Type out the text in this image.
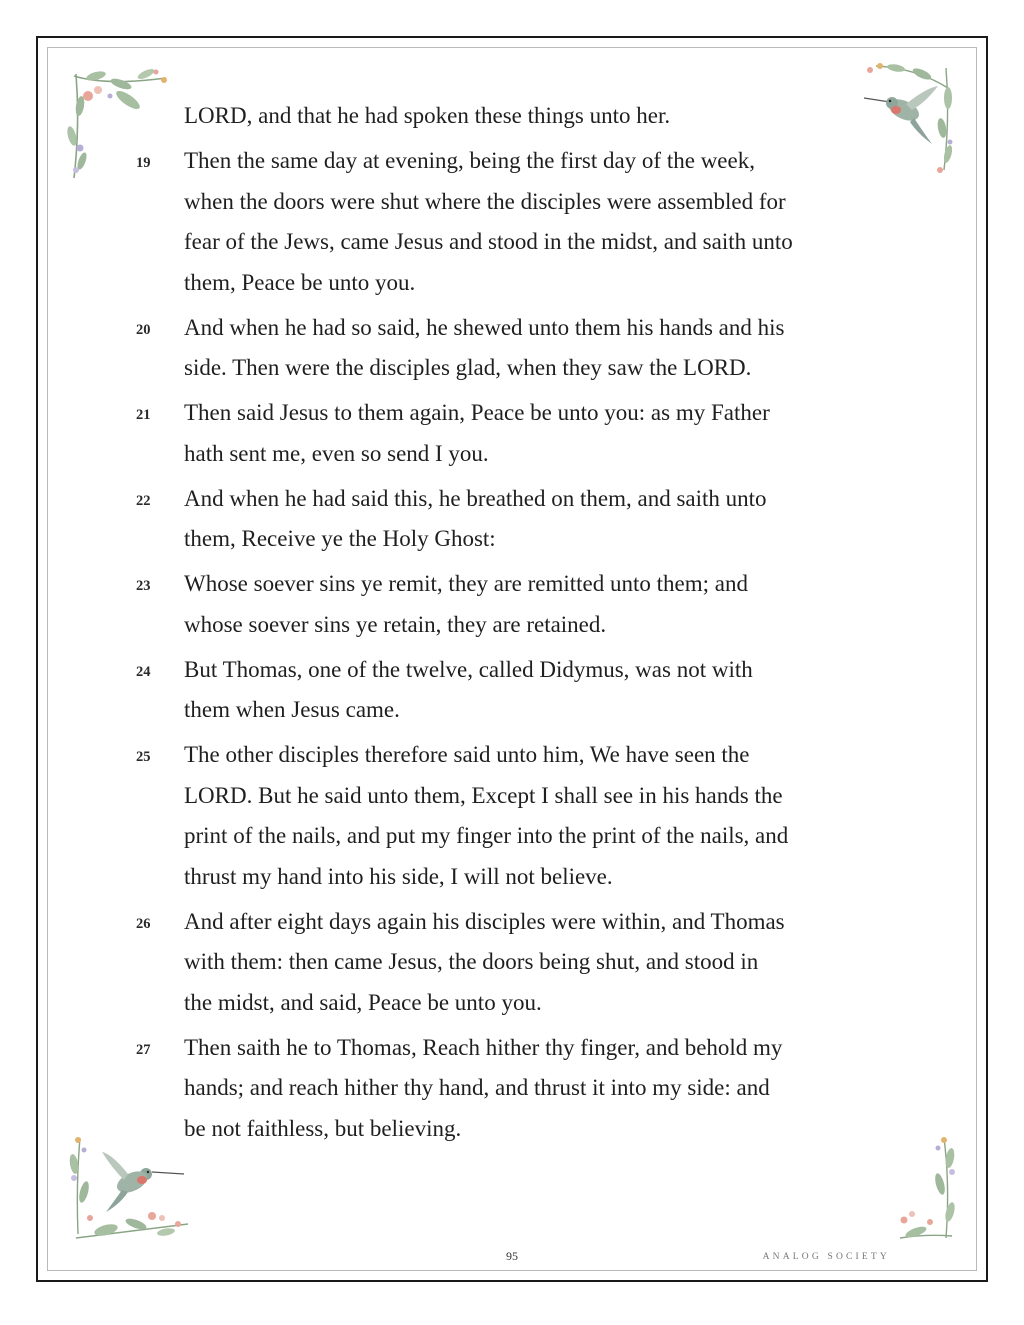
LORD, and that he had spoken these things unto her.
19	Then the same day at evening, being the first day of the week,
when the doors were shut where the disciples were assembled for
fear of the Jews, came Jesus and stood in the midst, and saith unto
them, Peace be unto you.
20	And when he had so said, he shewed unto them his hands and his
side. Then were the disciples glad, when they saw the LORD.
21	Then said Jesus to them again, Peace be unto you: as my Father
hath sent me, even so send I you.
22	And when he had said this, he breathed on them, and saith unto
them, Receive ye the Holy Ghost:
23	Whose soever sins ye remit, they are remitted unto them; and
whose soever sins ye retain, they are retained.
24	But Thomas, one of the twelve, called Didymus, was not with
them when Jesus came.
25	The other disciples therefore said unto him, We have seen the
LORD. But he said unto them, Except I shall see in his hands the
print of the nails, and put my finger into the print of the nails, and
thrust my hand into his side, I will not believe.
26	And after eight days again his disciples were within, and Thomas
with them: then came Jesus, the doors being shut, and stood in
the midst, and said, Peace be unto you.
27	Then saith he to Thomas, Reach hither thy finger, and behold my
hands; and reach hither thy hand, and thrust it into my side: and
be not faithless, but believing.
95	ANALOG SOCIETY
